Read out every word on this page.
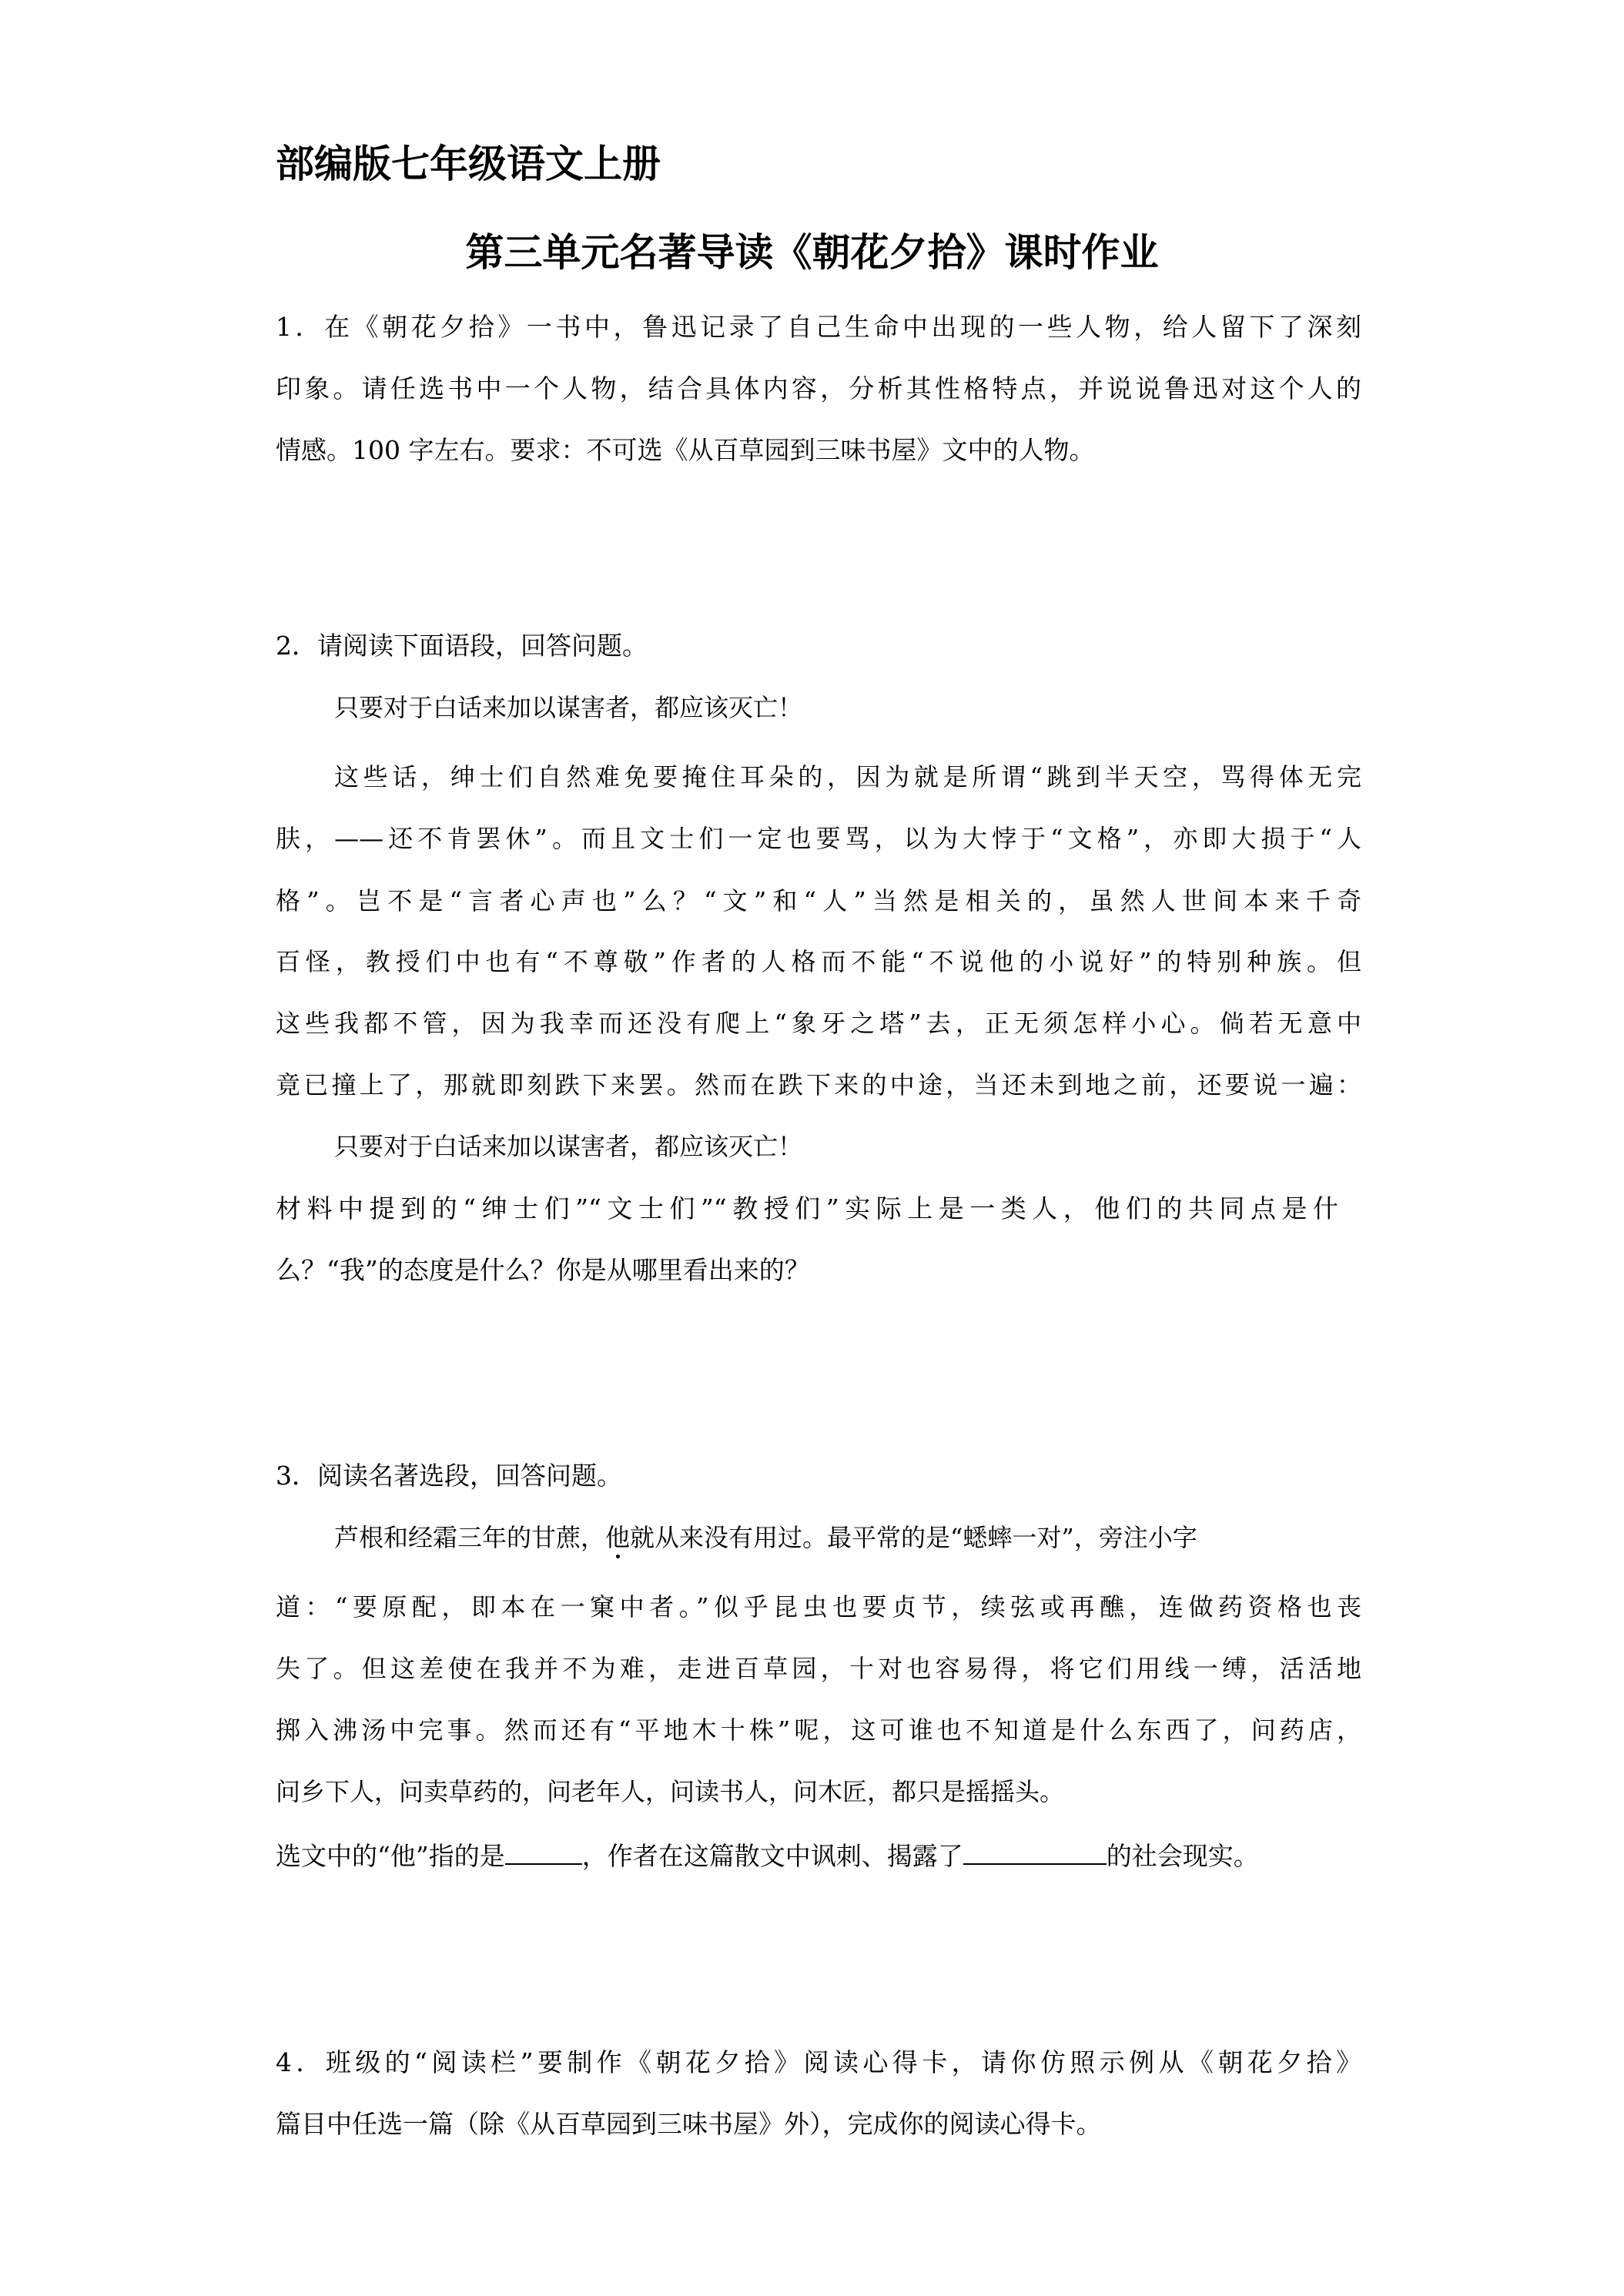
部编版七年级语文上册
第三单元名著导读《朝花夕拾》课时作业
1．在《朝花夕拾》一书中，鲁迅记录了自己生命中出现的一些人物，给人留下了深刻
印象。请任选书中一个人物，结合具体内容，分析其性格特点，并说说鲁迅对这个人的
情感。100 字左右。要求：不可选《从百草园到三味书屋》文中的人物。
2．请阅读下面语段，回答问题。
只要对于白话来加以谋害者，都应该灭亡！
这些话，绅士们自然难免要掩住耳朵的，因为就是所谓“跳到半天空，骂得体无完
肤，——还不肯罢休”。而且文士们一定也要骂，以为大悖于“文格”，亦即大损于“人
格”。岂不是“言者心声也”么？“文”和“人”当然是相关的，虽然人世间本来千奇
百怪，教授们中也有“不尊敬”作者的人格而不能“不说他的小说好”的特别种族。但
这些我都不管，因为我幸而还没有爬上“象牙之塔”去，正无须怎样小心。倘若无意中
竟已撞上了，那就即刻跌下来罢。然而在跌下来的中途，当还未到地之前，还要说一遍：
只要对于白话来加以谋害者，都应该灭亡！
材料中提到的“绅士们”“文士们”“教授们”实际上是一类人，他们的共同点是什
么？“我”的态度是什么？你是从哪里看出来的？
3．阅读名著选段，回答问题。
芦根和经霜三年的甘蔗，他就从来没有用过。最平常的是“蟋蟀一对”，旁注小字
道：“要原配，即本在一窠中者。”似乎昆虫也要贞节，续弦或再醮，连做药资格也丧
失了。但这差使在我并不为难，走进百草园，十对也容易得，将它们用线一缚，活活地
掷入沸汤中完事。然而还有“平地木十株”呢，这可谁也不知道是什么东西了，问药店，
问乡下人，问卖草药的，问老年人，问读书人，问木匠，都只是摇摇头。
选文中的“他”指的是	，作者在这篇散文中讽刺、揭露了	的社会现实。
4．班级的“阅读栏”要制作《朝花夕拾》阅读心得卡，请你仿照示例从《朝花夕拾》
篇目中任选一篇（除《从百草园到三味书屋》外），完成你的阅读心得卡。
